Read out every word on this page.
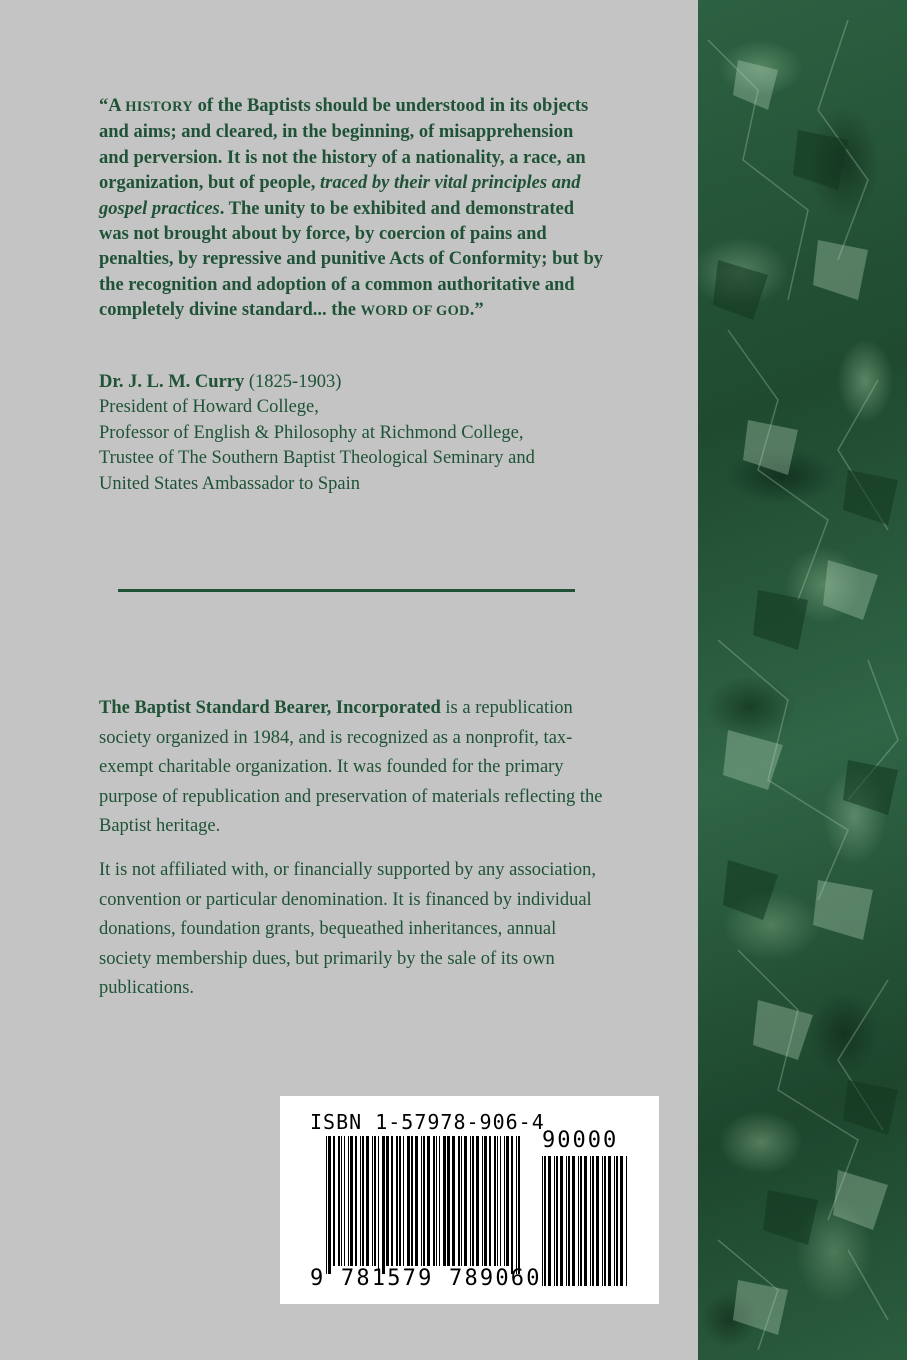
“A HISTORY of the Baptists should be understood in its objects and aims; and cleared, in the beginning, of misapprehension and perversion. It is not the history of a nationality, a race, an organization, but of people, traced by their vital principles and gospel practices. The unity to be exhibited and demonstrated was not brought about by force, by coercion of pains and penalties, by repressive and punitive Acts of Conformity; but by the recognition and adoption of a common authoritative and completely divine standard... the WORD OF GOD.”
Dr. J. L. M. Curry (1825-1903)
President of Howard College,
Professor of English & Philosophy at Richmond College,
Trustee of The Southern Baptist Theological Seminary and
United States Ambassador to Spain
The Baptist Standard Bearer, Incorporated is a republication society organized in 1984, and is recognized as a nonprofit, tax-exempt charitable organization. It was founded for the primary purpose of republication and preservation of materials reflecting the Baptist heritage.
It is not affiliated with, or financially supported by any association, convention or particular denomination. It is financed by individual donations, foundation grants, bequeathed inheritances, annual society membership dues, but primarily by the sale of its own publications.
ISBN 1-57978-906-4
90000
9 781579 789060
